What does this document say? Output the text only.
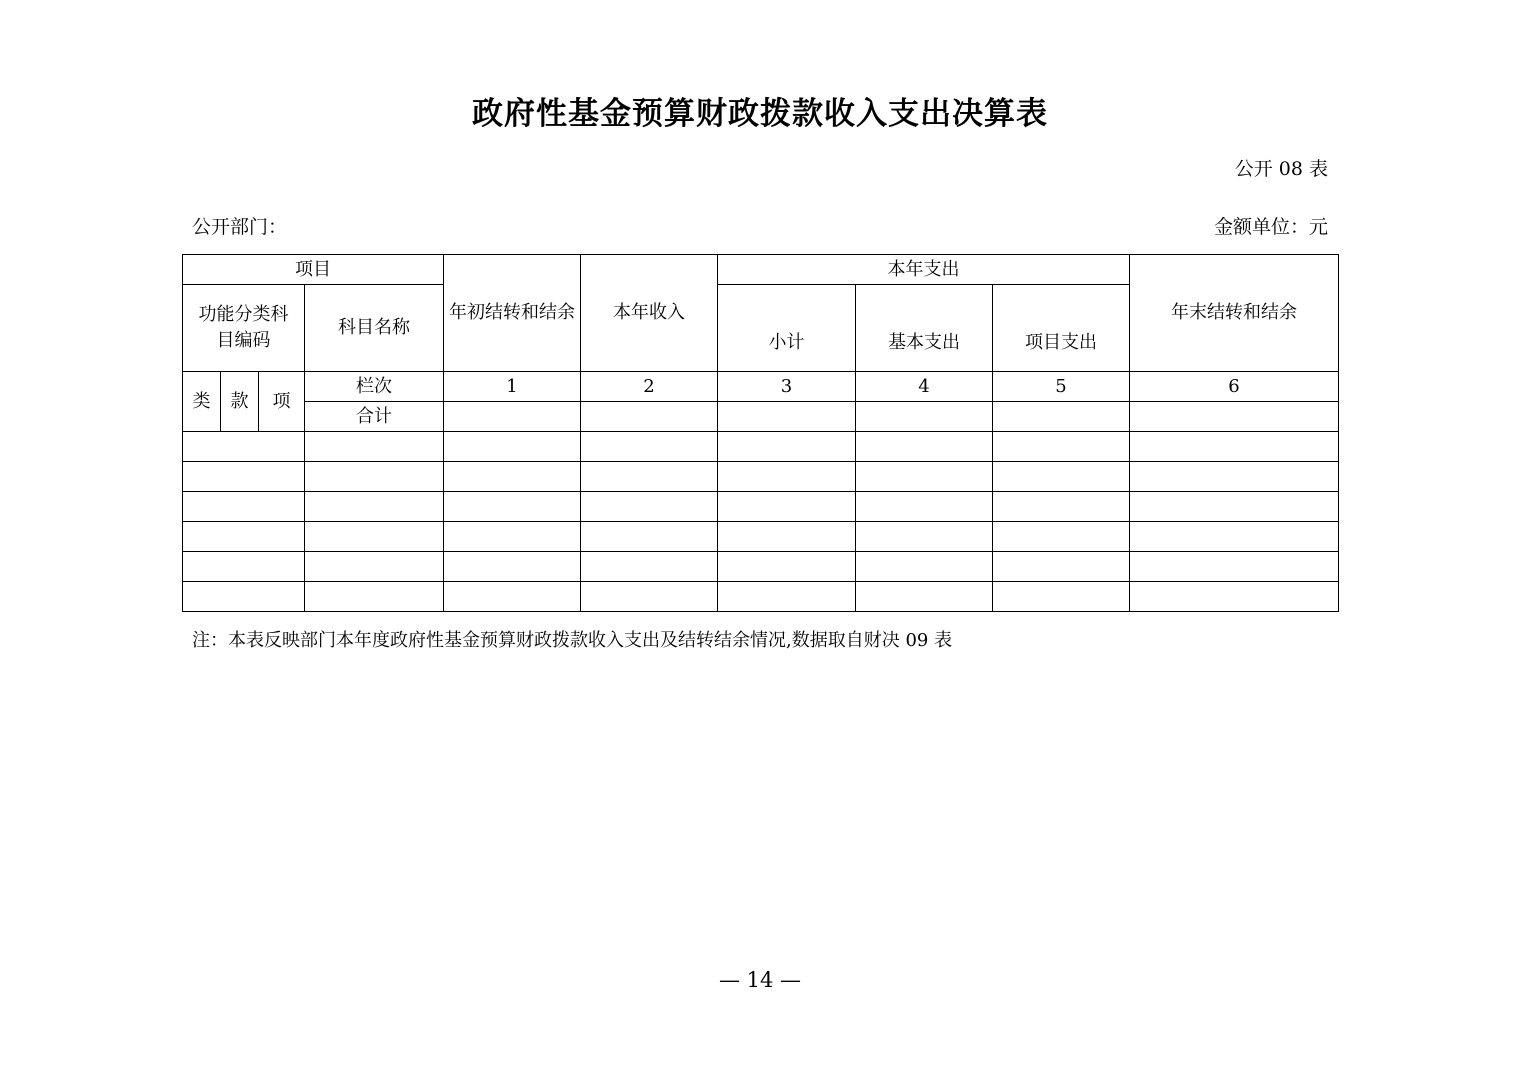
政府性基金预算财政拨款收入支出决算表
公开 08 表
公开部门：	金额单位：元
项目				年初结转和结余	本年收入	本年支出			年末结转和结余
功能分类科目编码			科目名称			小计	基本支出	项目支出	
类	款	项	栏次	1	2	3	4	5	6
			合计						

注：本表反映部门本年度政府性基金预算财政拨款收入支出及结转结余情况,数据取自财决 09 表
— 14 —
